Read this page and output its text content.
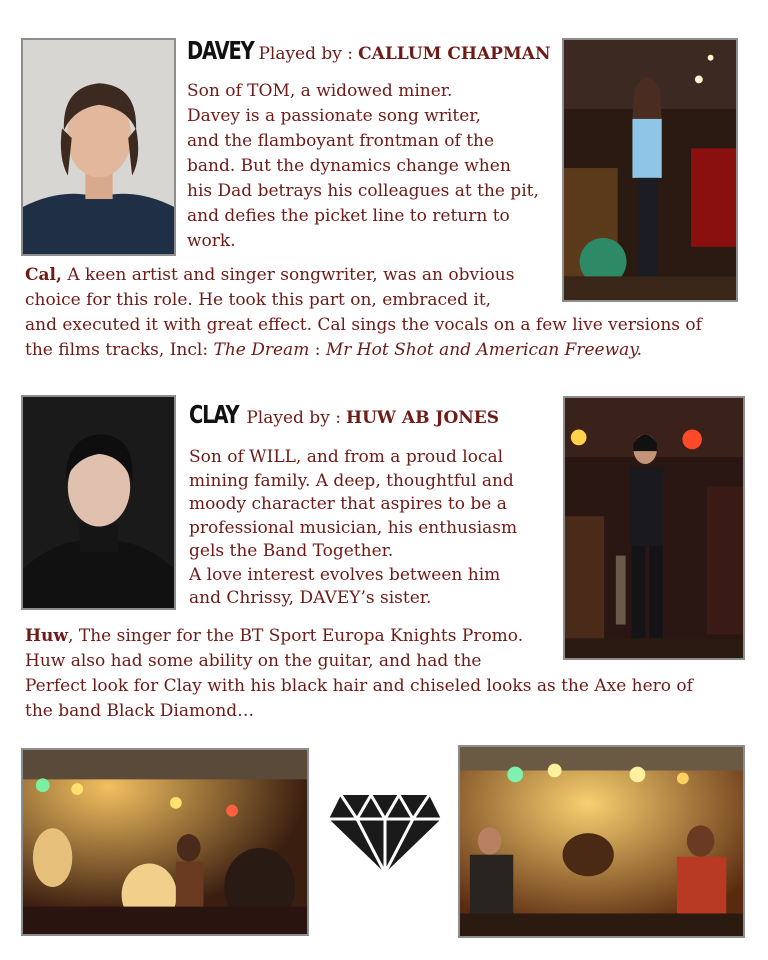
DAVEY Played by : CALLUM CHAPMAN
Son of TOM, a widowed miner.
Davey is a passionate song writer,
and the flamboyant frontman of the
band. But the dynamics change when
his Dad betrays his colleagues at the pit,
and defies the picket line to return to
work.
Cal, A keen artist and singer songwriter, was an obvious
choice for this role. He took this part on, embraced it,
and executed it with great effect. Cal sings the vocals on a few live versions of
the films tracks, Incl: The Dream : Mr Hot Shot and American Freeway.
CLAY Played by : HUW AB JONES
Son of WILL, and from a proud local
mining family. A deep, thoughtful and
moody character that aspires to be a
professional musician, his enthusiasm
gels the Band Together.
A love interest evolves between him
and Chrissy, DAVEY’s sister.
Huw, The singer for the BT Sport Europa Knights Promo.
Huw also had some ability on the guitar, and had the
Perfect look for Clay with his black hair and chiseled looks as the Axe hero of
the band Black Diamond…
